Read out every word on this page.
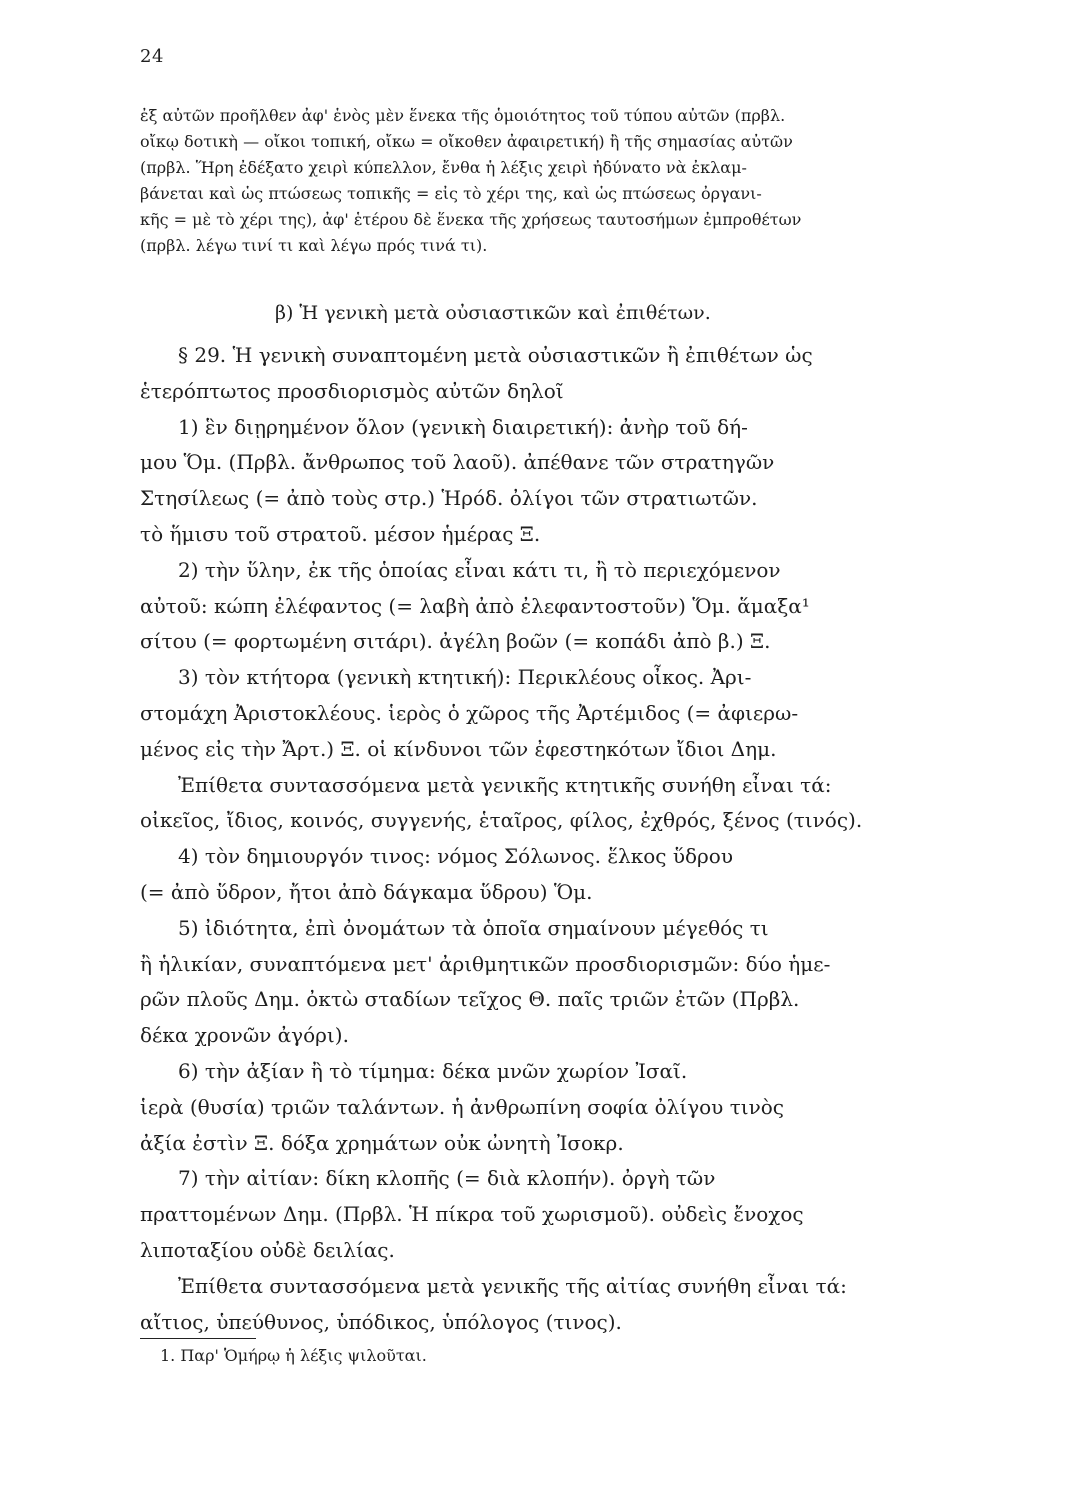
24
ἐξ αὐτῶν προῆλθεν ἀφ' ἑνὸς μὲν ἕνεκα τῆς ὁμοιότητος τοῦ τύπου αὐτῶν (πρβλ.
οἴκῳ δοτικὴ — οἴκοι τοπική, οἴκω = οἴκοθεν ἀφαιρετική) ἢ τῆς σημασίας αὐτῶν
(πρβλ. Ἥρη ἐδέξατο χειρὶ κύπελλον, ἔνθα ἡ λέξις χειρὶ ἠδύνατο νὰ ἐκλαμ-
βάνεται καὶ ὡς πτώσεως τοπικῆς = εἰς τὸ χέρι της, καὶ ὡς πτώσεως ὀργανι-
κῆς = μὲ τὸ χέρι της), ἀφ' ἑτέρου δὲ ἕνεκα τῆς χρήσεως ταυτοσήμων ἐμπροθέτων
(πρβλ. λέγω τινί τι καὶ λέγω πρός τινά τι).
β) Ἡ γενικὴ μετὰ οὐσιαστικῶν καὶ ἐπιθέτων.
§ 29. Ἡ γενικὴ συναπτομένη μετὰ οὐσιαστικῶν ἢ ἐπιθέτων ὡς
ἑτερόπτωτος προσδιορισμὸς αὐτῶν δηλοῖ
1) ἓν διῃρημένον ὅλον (γενικὴ διαιρετική): ἀνὴρ τοῦ δή-
μου Ὅμ. (Πρβλ. ἄνθρωπος τοῦ λαοῦ). ἀπέθανε τῶν στρατηγῶν
Στησίλεως (= ἀπὸ τοὺς στρ.) Ἡρόδ. ὀλίγοι τῶν στρατιωτῶν.
τὸ ἥμισυ τοῦ στρατοῦ. μέσον ἡμέρας Ξ.
2) τὴν ὕλην, ἐκ τῆς ὁποίας εἶναι κάτι τι, ἢ τὸ περιεχόμενον
αὐτοῦ: κώπη ἐλέφαντος (= λαβὴ ἀπὸ ἐλεφαντοστοῦν) Ὅμ. ἅμαξα¹
σίτου (= φορτωμένη σιτάρι). ἀγέλη βοῶν (= κοπάδι ἀπὸ β.) Ξ.
3) τὸν κτήτορα (γενικὴ κτητική): Περικλέους οἶκος. Ἀρι-
στομάχη Ἀριστοκλέους. ἱερὸς ὁ χῶρος τῆς Ἀρτέμιδος (= ἀφιερω-
μένος εἰς τὴν Ἄρτ.) Ξ. οἱ κίνδυνοι τῶν ἐφεστηκότων ἴδιοι Δημ.
Ἐπίθετα συντασσόμενα μετὰ γενικῆς κτητικῆς συνήθη εἶναι τά:
οἰκεῖος, ἴδιος, κοινός, συγγενής, ἑταῖρος, φίλος, ἐχθρός, ξένος (τινός).
4) τὸν δημιουργόν τινος: νόμος Σόλωνος. ἕλκος ὕδρου
(= ἀπὸ ὕδρον, ἤτοι ἀπὸ δάγκαμα ὕδρου) Ὅμ.
5) ἰδιότητα, ἐπὶ ὀνομάτων τὰ ὁποῖα σημαίνουν μέγεθός τι
ἢ ἡλικίαν, συναπτόμενα μετ' ἀριθμητικῶν προσδιορισμῶν: δύο ἡμε-
ρῶν πλοῦς Δημ. ὀκτὼ σταδίων τεῖχος Θ. παῖς τριῶν ἐτῶν (Πρβλ.
δέκα χρονῶν ἀγόρι).
6) τὴν ἀξίαν ἢ τὸ τίμημα: δέκα μνῶν χωρίον Ἰσαῖ.
ἱερὰ (θυσία) τριῶν ταλάντων. ἡ ἀνθρωπίνη σοφία ὀλίγου τινὸς
ἀξία ἐστὶν Ξ. δόξα χρημάτων οὐκ ὠνητὴ Ἰσοκρ.
7) τὴν αἰτίαν: δίκη κλοπῆς (= διὰ κλοπήν). ὀργὴ τῶν
πραττομένων Δημ. (Πρβλ. Ἡ πίκρα τοῦ χωρισμοῦ). οὐδεὶς ἔνοχος
λιποταξίου οὐδὲ δειλίας.
Ἐπίθετα συντασσόμενα μετὰ γενικῆς τῆς αἰτίας συνήθη εἶναι τά:
αἴτιος, ὑπεύθυνος, ὑπόδικος, ὑπόλογος (τινος).
1. Παρ' Ὁμήρῳ ἡ λέξις ψιλοῦται.
